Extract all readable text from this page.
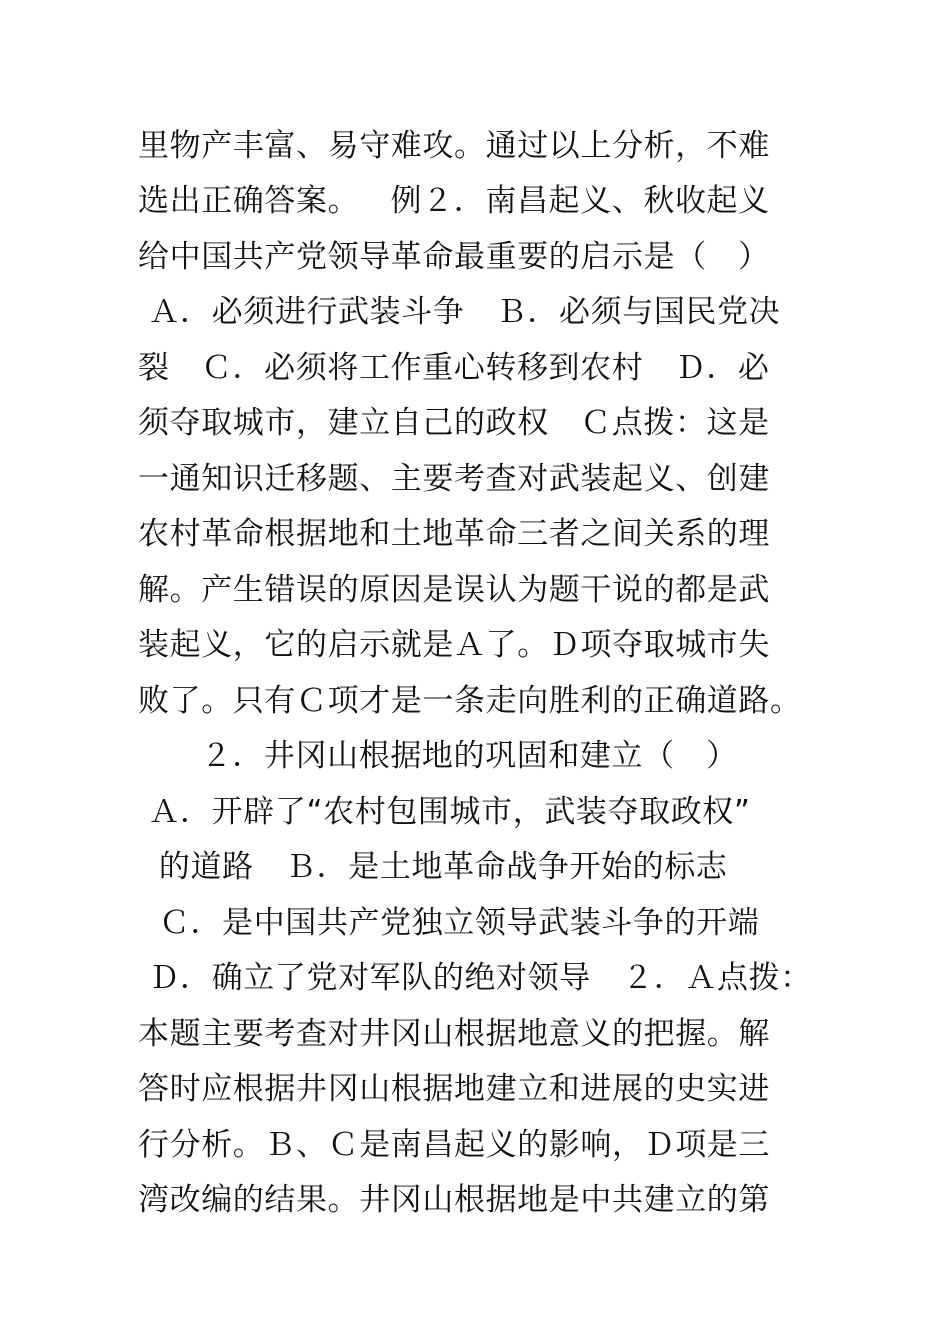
里物产丰富、易守难攻。通过以上分析，不难
选出正确答案。   例２．南昌起义、秋收起义
给中国共产党领导革命最重要的启示是（   ）
Ａ．必须进行武装斗争   Ｂ．必须与国民党决
裂   Ｃ．必须将工作重心转移到农村   Ｄ．必
须夺取城市，建立自己的政权   Ｃ点拨：这是
一通知识迁移题、主要考查对武装起义、创建
农村革命根据地和土地革命三者之间关系的理
解。产生错误的原因是误认为题干说的都是武
装起义，它的启示就是Ａ了。Ｄ项夺取城市失
败了。只有Ｃ项才是一条走向胜利的正确道路。
２．井冈山根据地的巩固和建立（   ）
Ａ．开辟了“农村包围城市，武装夺取政权”
的道路   Ｂ．是土地革命战争开始的标志
Ｃ．是中国共产党独立领导武装斗争的开端
Ｄ．确立了党对军队的绝对领导   ２．Ａ点拨：
本题主要考查对井冈山根据地意义的把握。解
答时应根据井冈山根据地建立和进展的史实进
行分析。Ｂ、Ｃ是南昌起义的影响，Ｄ项是三
湾改编的结果。井冈山根据地是中共建立的第
